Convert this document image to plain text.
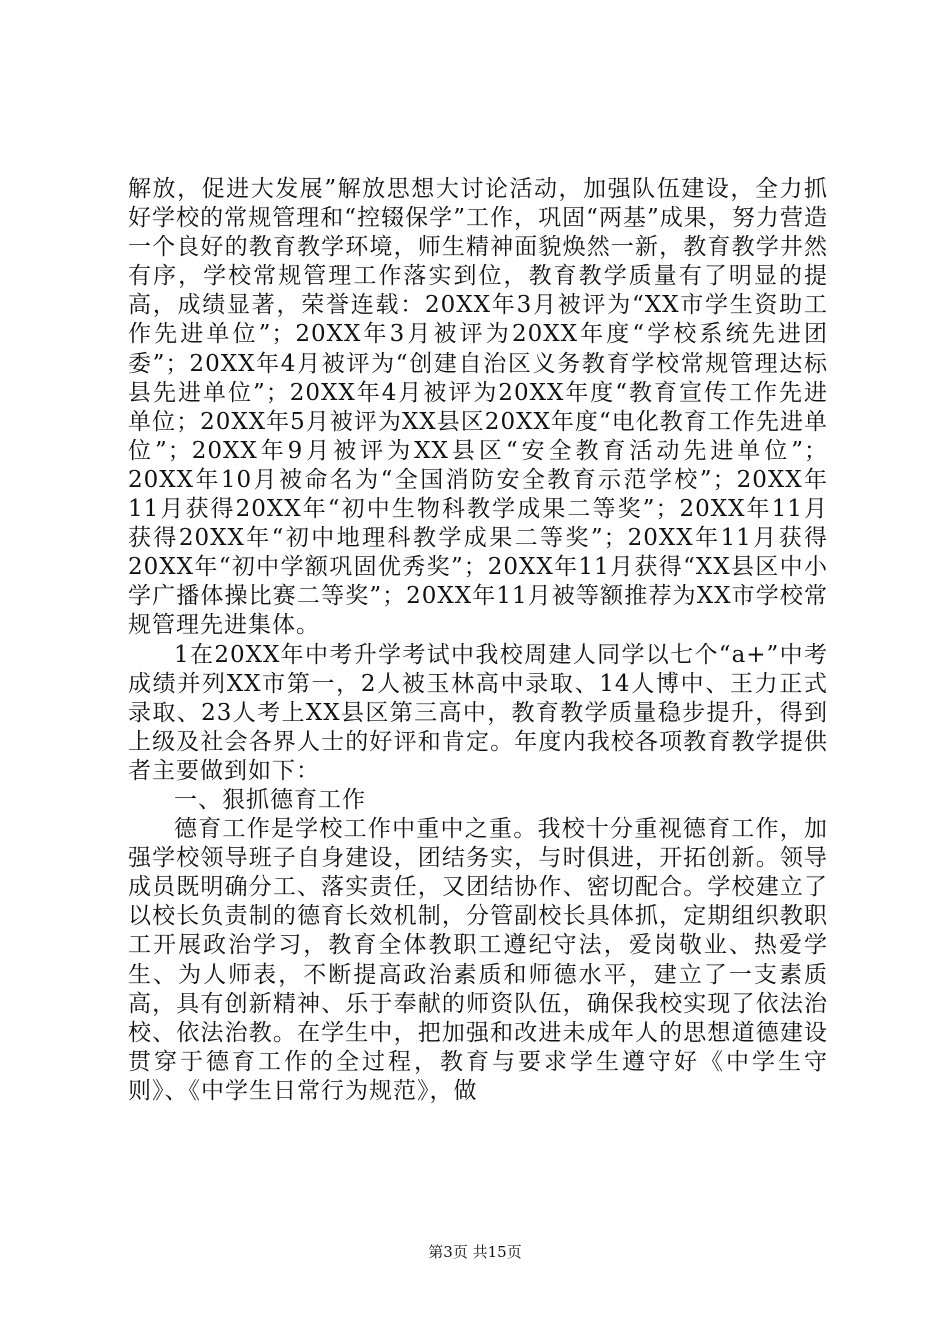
解放，促进大发展”解放思想大讨论活动，加强队伍建设，全力抓好学校的常规管理和“控辍保学”工作，巩固“两基”成果，努力营造一个良好的教育教学环境，师生精神面貌焕然一新，教育教学井然有序，学校常规管理工作落实到位，教育教学质量有了明显的提高，成绩显著，荣誉连载：20XX年3月被评为“XX市学生资助工作先进单位”；20XX年3月被评为20XX年度“学校系统先进团委”；20XX年4月被评为“创建自治区义务教育学校常规管理达标县先进单位”；20XX年4月被评为20XX年度“教育宣传工作先进单位；20XX年5月被评为XX县区20XX年度“电化教育工作先进单位”；20XX年9月被评为XX县区“安全教育活动先进单位”；20XX年10月被命名为“全国消防安全教育示范学校”；20XX年11月获得20XX年“初中生物科教学成果二等奖”；20XX年11月获得20XX年“初中地理科教学成果二等奖”；20XX年11月获得20XX年“初中学额巩固优秀奖”；20XX年11月获得“XX县区中小学广播体操比赛二等奖”；20XX年11月被等额推荐为XX市学校常规管理先进集体。

1在20XX年中考升学考试中我校周建人同学以七个“a+”中考成绩并列XX市第一，2人被玉林高中录取、14人博中、王力正式录取、23人考上XX县区第三高中，教育教学质量稳步提升，得到上级及社会各界人士的好评和肯定。年度内我校各项教育教学提供者主要做到如下：

一、狠抓德育工作

德育工作是学校工作中重中之重。我校十分重视德育工作，加强学校领导班子自身建设，团结务实，与时俱进，开拓创新。领导成员既明确分工、落实责任，又团结协作、密切配合。学校建立了以校长负责制的德育长效机制，分管副校长具体抓，定期组织教职工开展政治学习，教育全体教职工遵纪守法，爱岗敬业、热爱学生、为人师表，不断提高政治素质和师德水平，建立了一支素质高，具有创新精神、乐于奉献的师资队伍，确保我校实现了依法治校、依法治教。在学生中，把加强和改进未成年人的思想道德建设贯穿于德育工作的全过程，教育与要求学生遵守好《中学生守则》、《中学生日常行为规范》，做

第3页 共15页
